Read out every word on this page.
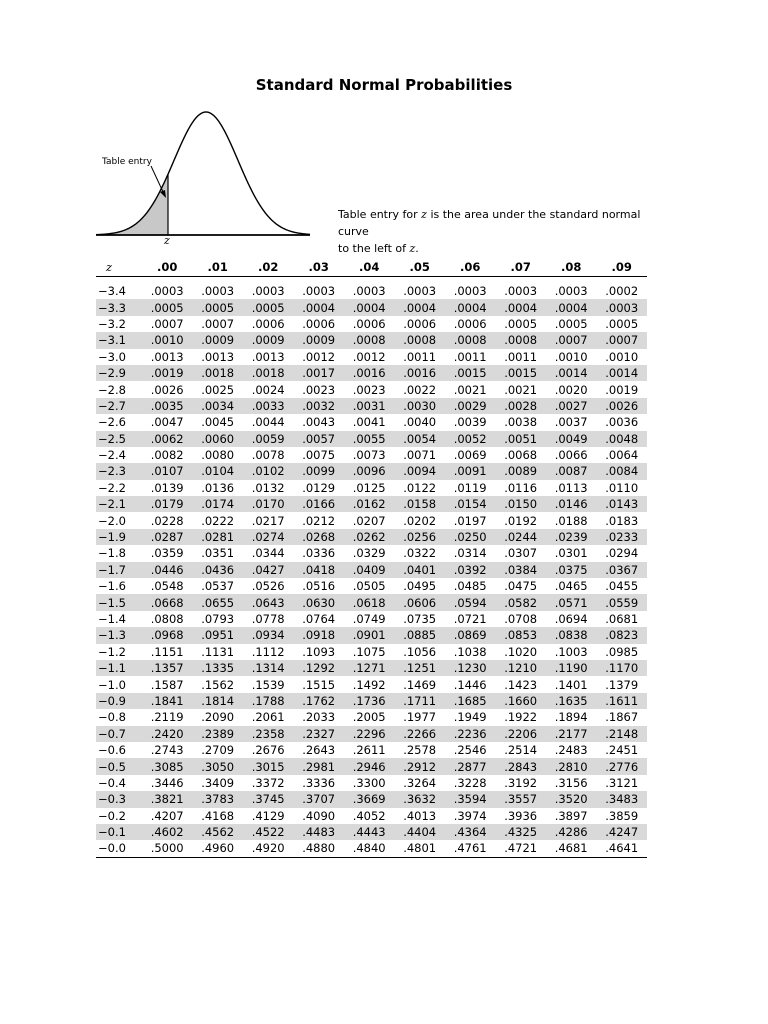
Standard Normal Probabilities
Table entry
z
Table entry for z is the area under the standard normal curve
to the left of z.
z	.00	.01	.02	.03	.04	.05	.06	.07	.08	.09

−3.4	.0003	.0003	.0003	.0003	.0003	.0003	.0003	.0003	.0003	.0002
−3.3	.0005	.0005	.0005	.0004	.0004	.0004	.0004	.0004	.0004	.0003
−3.2	.0007	.0007	.0006	.0006	.0006	.0006	.0006	.0005	.0005	.0005
−3.1	.0010	.0009	.0009	.0009	.0008	.0008	.0008	.0008	.0007	.0007
−3.0	.0013	.0013	.0013	.0012	.0012	.0011	.0011	.0011	.0010	.0010
−2.9	.0019	.0018	.0018	.0017	.0016	.0016	.0015	.0015	.0014	.0014
−2.8	.0026	.0025	.0024	.0023	.0023	.0022	.0021	.0021	.0020	.0019
−2.7	.0035	.0034	.0033	.0032	.0031	.0030	.0029	.0028	.0027	.0026
−2.6	.0047	.0045	.0044	.0043	.0041	.0040	.0039	.0038	.0037	.0036
−2.5	.0062	.0060	.0059	.0057	.0055	.0054	.0052	.0051	.0049	.0048
−2.4	.0082	.0080	.0078	.0075	.0073	.0071	.0069	.0068	.0066	.0064
−2.3	.0107	.0104	.0102	.0099	.0096	.0094	.0091	.0089	.0087	.0084
−2.2	.0139	.0136	.0132	.0129	.0125	.0122	.0119	.0116	.0113	.0110
−2.1	.0179	.0174	.0170	.0166	.0162	.0158	.0154	.0150	.0146	.0143
−2.0	.0228	.0222	.0217	.0212	.0207	.0202	.0197	.0192	.0188	.0183
−1.9	.0287	.0281	.0274	.0268	.0262	.0256	.0250	.0244	.0239	.0233
−1.8	.0359	.0351	.0344	.0336	.0329	.0322	.0314	.0307	.0301	.0294
−1.7	.0446	.0436	.0427	.0418	.0409	.0401	.0392	.0384	.0375	.0367
−1.6	.0548	.0537	.0526	.0516	.0505	.0495	.0485	.0475	.0465	.0455
−1.5	.0668	.0655	.0643	.0630	.0618	.0606	.0594	.0582	.0571	.0559
−1.4	.0808	.0793	.0778	.0764	.0749	.0735	.0721	.0708	.0694	.0681
−1.3	.0968	.0951	.0934	.0918	.0901	.0885	.0869	.0853	.0838	.0823
−1.2	.1151	.1131	.1112	.1093	.1075	.1056	.1038	.1020	.1003	.0985
−1.1	.1357	.1335	.1314	.1292	.1271	.1251	.1230	.1210	.1190	.1170
−1.0	.1587	.1562	.1539	.1515	.1492	.1469	.1446	.1423	.1401	.1379
−0.9	.1841	.1814	.1788	.1762	.1736	.1711	.1685	.1660	.1635	.1611
−0.8	.2119	.2090	.2061	.2033	.2005	.1977	.1949	.1922	.1894	.1867
−0.7	.2420	.2389	.2358	.2327	.2296	.2266	.2236	.2206	.2177	.2148
−0.6	.2743	.2709	.2676	.2643	.2611	.2578	.2546	.2514	.2483	.2451
−0.5	.3085	.3050	.3015	.2981	.2946	.2912	.2877	.2843	.2810	.2776
−0.4	.3446	.3409	.3372	.3336	.3300	.3264	.3228	.3192	.3156	.3121
−0.3	.3821	.3783	.3745	.3707	.3669	.3632	.3594	.3557	.3520	.3483
−0.2	.4207	.4168	.4129	.4090	.4052	.4013	.3974	.3936	.3897	.3859
−0.1	.4602	.4562	.4522	.4483	.4443	.4404	.4364	.4325	.4286	.4247
−0.0	.5000	.4960	.4920	.4880	.4840	.4801	.4761	.4721	.4681	.4641
